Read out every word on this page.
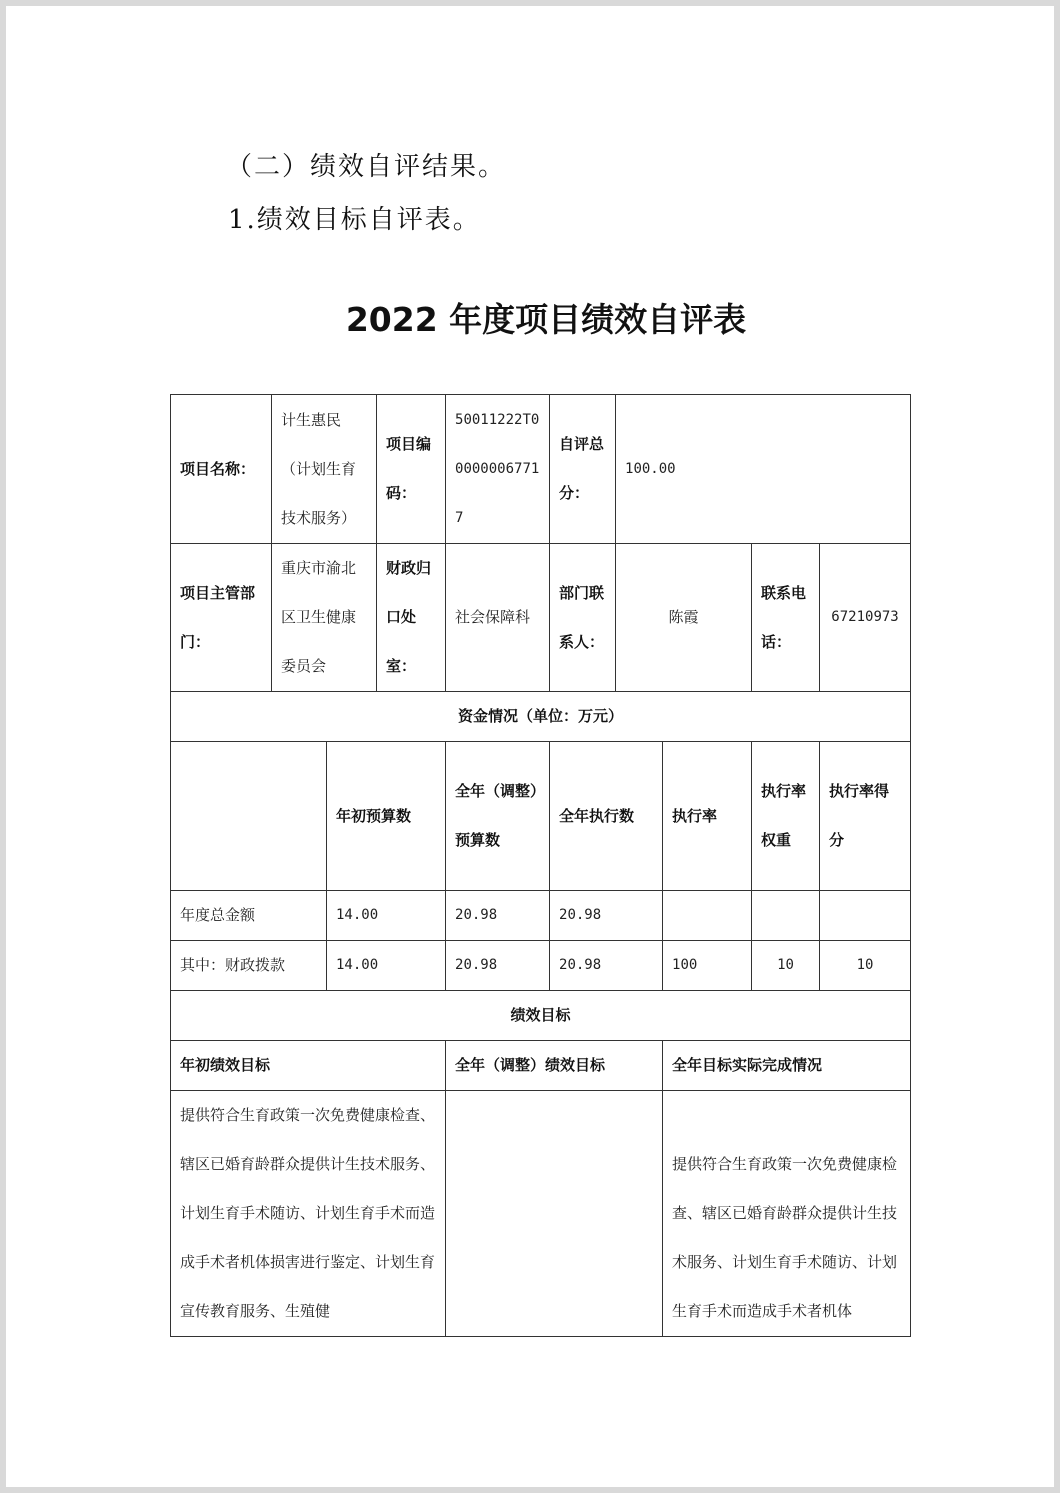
（二）绩效自评结果。
1.绩效目标自评表。
2022 年度项目绩效自评表
项目名称：	计生惠民（计划生育技术服务）		项目编码：	50011222T000000067717	自评总分：	100.00			
项目主管部门：	重庆市渝北区卫生健康委员会		财政归口处室：	社会保障科	部门联系人：	陈霞		联系电话：	67210973
资金情况（单位：万元）									
		年初预算数		全年（调整）预算数	全年执行数		执行率	执行率权重	执行率得分
年度总金额		14.00		20.98	20.98				
其中：财政拨款		14.00		20.98	20.98		100	10	10
绩效目标									
年初绩效目标				全年（调整）绩效目标			全年目标实际完成情况		
提供符合生育政策一次免费健康检查、辖区已婚育龄群众提供计生技术服务、计划生育手术随访、计划生育手术而造成手术者机体损害进行鉴定、计划生育宣传教育服务、生殖健							提供符合生育政策一次免费健康检查、辖区已婚育龄群众提供计生技术服务、计划生育手术随访、计划生育手术而造成手术者机体		
